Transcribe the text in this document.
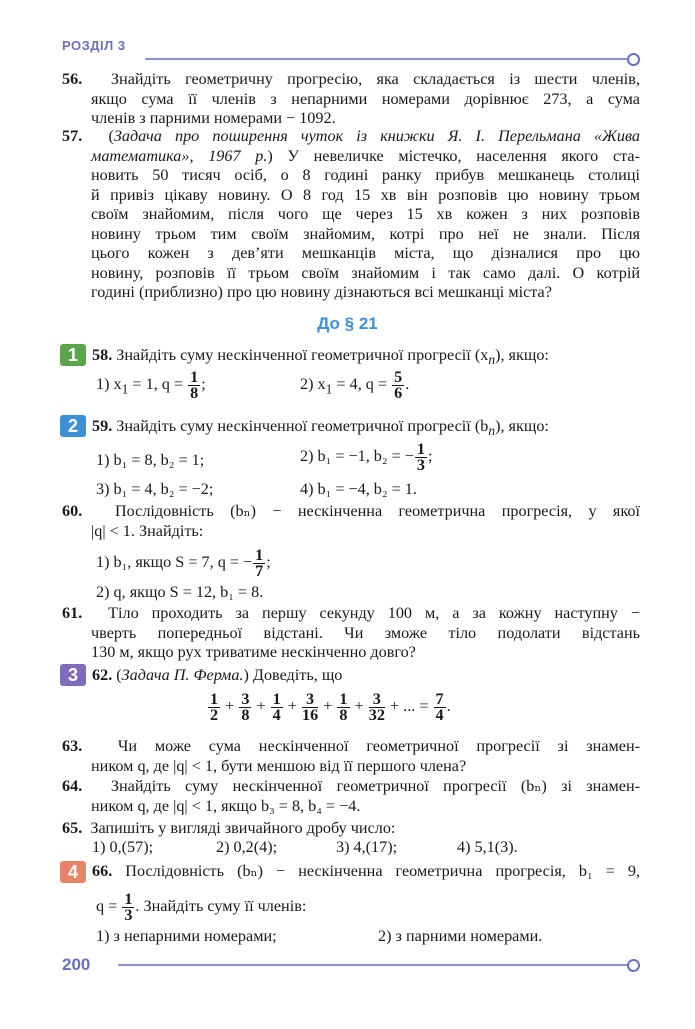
РОЗДІЛ 3
56. Знайдіть геометричну прогресію, яка складається із шести членів,
якщо сума її членів з непарними номерами дорівнює 273, а сума
членів з парними номерами − 1092.
57. (Задача про поширення чуток із книжки Я. І. Перельмана «Жива
математика», 1967 р.) У невеличке містечко, населення якого ста-
новить 50 тисяч осіб, о 8 годині ранку прибув мешканець столиці
й привіз цікаву новину. О 8 год 15 хв він розповів цю новину трьом
своїм знайомим, після чого ще через 15 хв кожен з них розповів
новину трьом тим своїм знайомим, котрі про неї не знали. Після
цього кожен з дев’яти мешканців міста, що дізналися про цю
новину, розповів її трьом своїм знайомим і так само далі. О котрій
годині (приблизно) про цю новину дізнаються всі мешканці міста?
До § 21
1 58. Знайдіть суму нескінченної геометричної прогресії $(x_n)$, якщо:
1) $x_1 = 1$, $q = \frac{1}{8}$ ;	2) $x_1 = 4$, $q = \frac{5}{6}$ .
2 59. Знайдіть суму нескінченної геометричної прогресії $(b_n)$, якщо:
1) b₁ = 8, b₂ = 1;	2) b₁ = −1, b₂ = − $\frac{1}{3}$ ;
3) b₁ = 4, b₂ = −2;	4) b₁ = −4, b₂ = 1.
60. Послідовність (bₙ) − нескінченна геометрична прогресія, у якої
|q| < 1. Знайдіть:
1) b₁, якщо S = 7, q = − $\frac{1}{7}$ ;
2) q, якщо S = 12, b₁ = 8.
61. Тіло проходить за першу секунду 100 м, а за кожну наступну −
чверть попередньої відстані. Чи зможе тіло подолати відстань
130 м, якщо рух триватиме нескінченно довго?
3 62. (Задача П. Ферма.) Доведіть, що
$\frac{1}{2} + \frac{3}{8} + \frac{1}{4} + \frac{3}{16} + \frac{1}{8} + \frac{3}{32}$ + ... = $\frac{7}{4}$ .
63. Чи може сума нескінченної геометричної прогресії зі знамен-
ником q, де |q| < 1, бути меншою від її першого члена?
64. Знайдіть суму нескінченної геометричної прогресії (bₙ) зі знамен-
ником q, де |q| < 1, якщо b₃ = 8, b₄ = −4.
65. Запишіть у вигляді звичайного дробу число:
1) 0,(57);	2) 0,2(4);	3) 4,(17);	4) 5,1(3).
4 66. Послідовність (bₙ) − нескінченна геометрична прогресія, b₁ = 9,
$q = \frac{1}{3}$ . Знайдіть суму її членів:
1) з непарними номерами;	2) з парними номерами.
200
